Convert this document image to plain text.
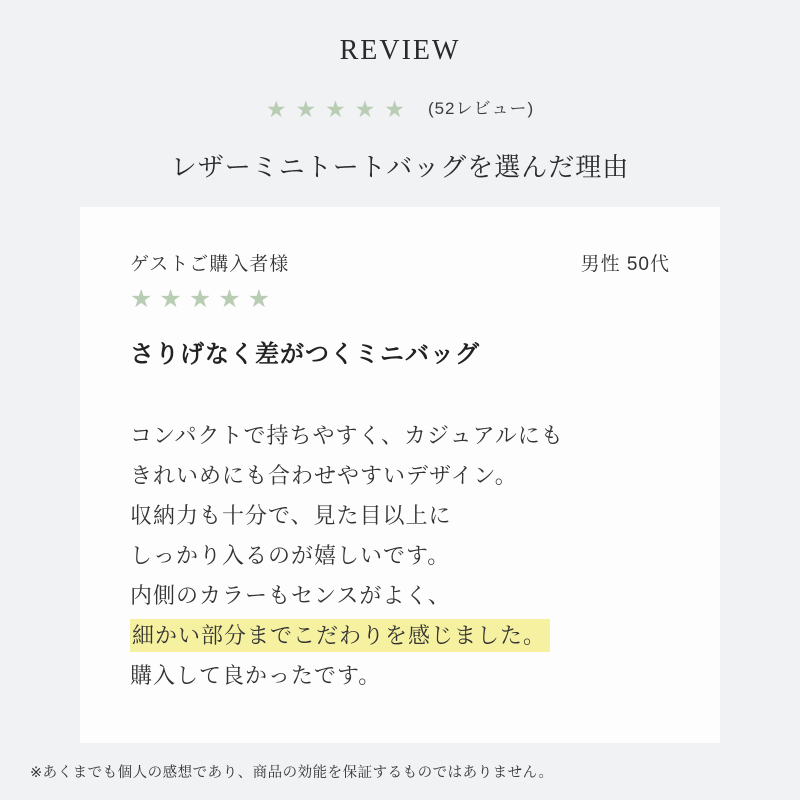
REVIEW
★★★★★ (52レビュー)
レザーミニトートバッグを選んだ理由
ゲストご購入者様	男性 50代
★★★★★
さりげなく差がつくミニバッグ
コンパクトで持ちやすく、カジュアルにも
きれいめにも合わせやすいデザイン。
収納力も十分で、見た目以上に
しっかり入るのが嬉しいです。
内側のカラーもセンスがよく、
細かい部分までこだわりを感じました。
購入して良かったです。
※あくまでも個人の感想であり、商品の効能を保証するものではありません。
